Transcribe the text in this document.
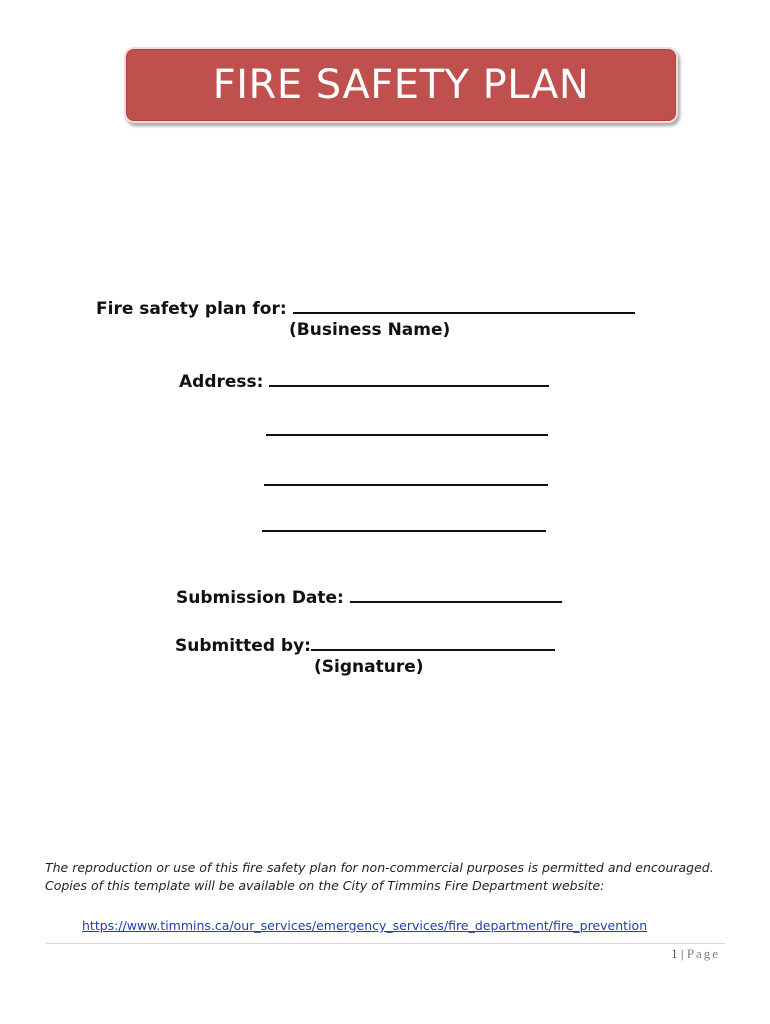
FIRE SAFETY PLAN
Fire safety plan for:
(Business Name)
Address:
Submission Date:
Submitted by:
(Signature)
The reproduction or use of this fire safety plan for non-commercial purposes is permitted and encouraged.
Copies of this template will be available on the City of Timmins Fire Department website:
https://www.timmins.ca/our_services/emergency_services/fire_department/fire_prevention
1 | Page
